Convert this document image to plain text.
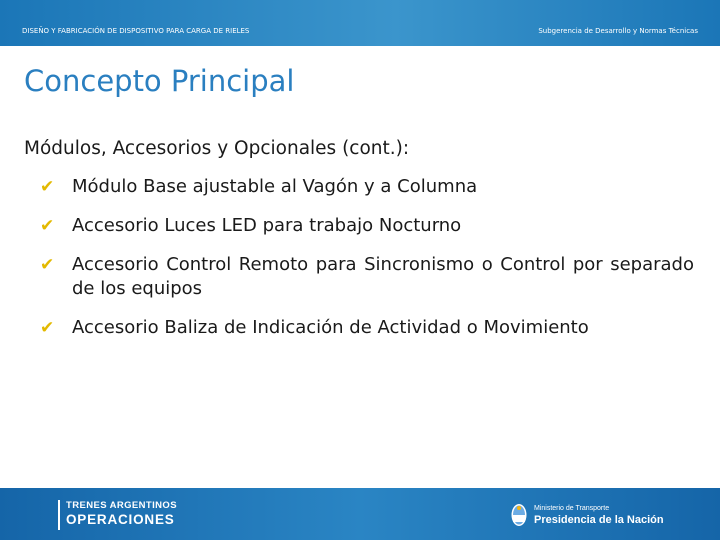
DISEÑO Y FABRICACIÓN DE DISPOSITIVO PARA CARGA DE RIELES	Subgerencia de Desarrollo y Normas Técnicas
Concepto Principal

Módulos, Accesorios y Opcionales (cont.):

✔ Módulo Base ajustable al Vagón y a Columna
✔ Accesorio Luces LED para trabajo Nocturno
✔ Accesorio Control Remoto para Sincronismo o Control por separado de los equipos
✔ Accesorio Baliza de Indicación de Actividad o Movimiento
TRENES ARGENTINOS
OPERACIONES
Ministerio de Transporte
Presidencia de la Nación
